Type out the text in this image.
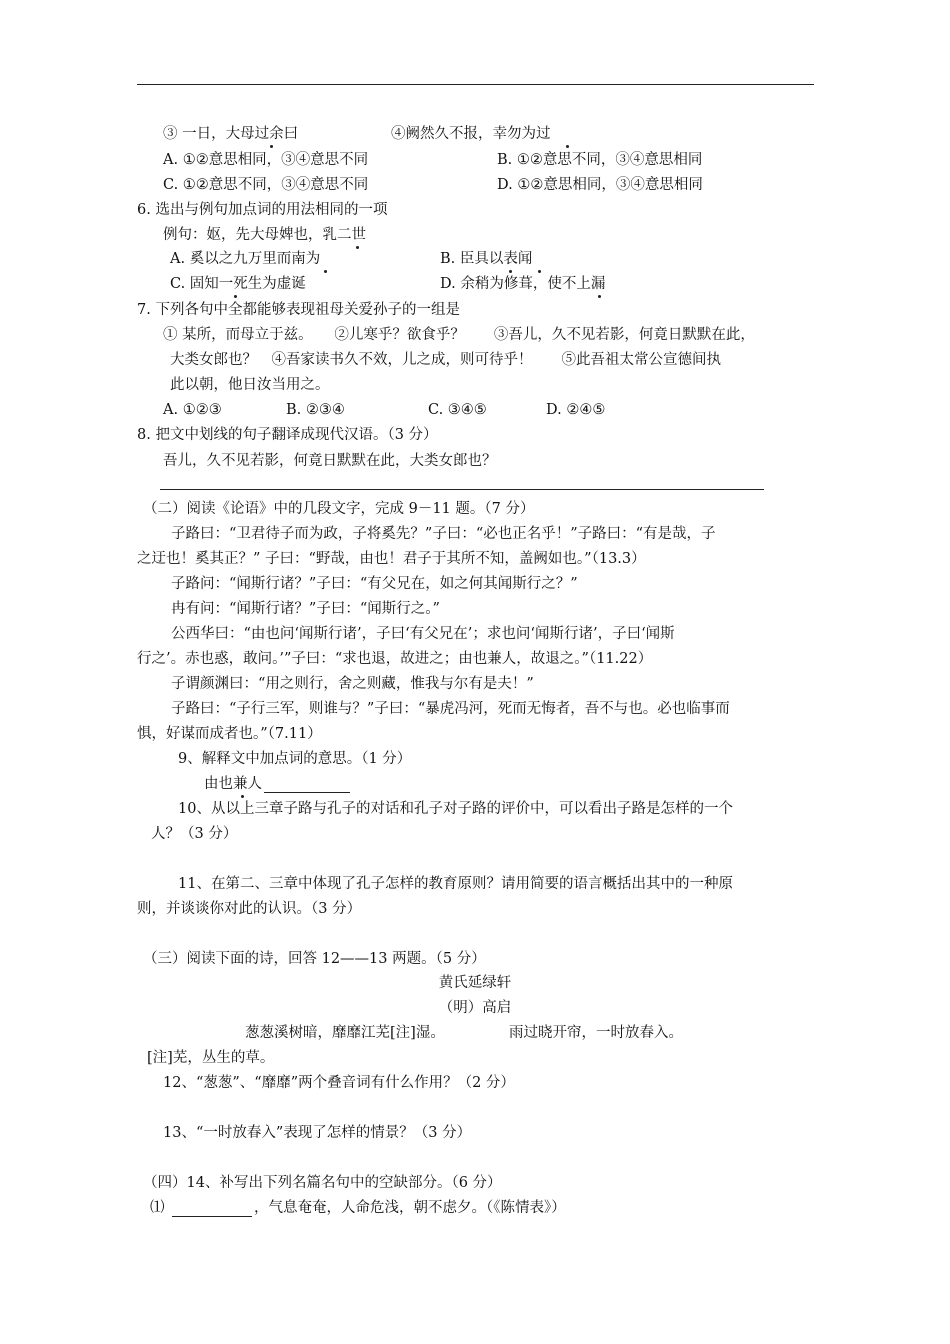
③ 一日，大母过余曰	④阙然久不报，幸勿为过
A. ①②意思相同，③④意思不同	B. ①②意思不同，③④意思相同
C. ①②意思不同，③④意思不同	D. ①②意思相同，③④意思相同
6. 选出与例句加点词的用法相同的一项
例句：妪，先大母婢也，乳二世
A. 奚以之九万里而南为	B. 臣具以表闻
C. 固知一死生为虚诞	D. 余稍为修葺，使不上漏
7. 下列各句中全都能够表现祖母关爱孙子的一组是
① 某所，而母立于兹。　　②儿寒乎？欲食乎？　　③吾儿，久不见若影，何竟日默默在此，
大类女郎也？　④吾家读书久不效，儿之成，则可待乎！　　⑤此吾祖太常公宣德间执
此以朝，他日汝当用之。
A. ①②③	B. ②③④	C. ③④⑤	D. ②④⑤
8. 把文中划线的句子翻译成现代汉语。（3 分）
吾儿，久不见若影，何竟日默默在此，大类女郎也？
（二）阅读《论语》中的几段文字，完成 9－11 题。（7 分）
子路曰：“卫君待子而为政，子将奚先？”子曰：“必也正名乎！”子路曰：“有是哉，子
之迂也！奚其正？” 子曰：“野哉，由也！君子于其所不知，盖阙如也。”（13.3）
子路问：“闻斯行诸？”子曰：“有父兄在，如之何其闻斯行之？”
冉有问：“闻斯行诸？”子曰：“闻斯行之。”
公西华曰：“由也问‘闻斯行诸’，子曰‘有父兄在’；求也问‘闻斯行诸’，子曰‘闻斯
行之’。赤也惑，敢问。’”子曰：“求也退，故进之；由也兼人，故退之。”（11.22）
子谓颜渊曰：“用之则行，舍之则藏，惟我与尔有是夫！”
子路曰：“子行三军，则谁与？”子曰：“暴虎冯河，死而无悔者，吾不与也。必也临事而
惧，好谋而成者也。”（7.11）
9、解释文中加点词的意思。（1 分）
由也兼人
10、从以上三章子路与孔子的对话和孔子对子路的评价中，可以看出子路是怎样的一个
人？（3 分）
11、在第二、三章中体现了孔子怎样的教育原则？请用简要的语言概括出其中的一种原
则，并谈谈你对此的认识。（3 分）
（三）阅读下面的诗，回答 12——13 两题。（5 分）
黄氏延绿轩
（明）高启
葱葱溪树暗，靡靡江芜[注]湿。	雨过晓开帘，一时放春入。
[注]芜，丛生的草。
12、“葱葱”、“靡靡”两个叠音词有什么作用？（2 分）
13、“一时放春入”表现了怎样的情景？（3 分）
（四）14、补写出下列名篇名句中的空缺部分。（6 分）
⑴	，气息奄奄，人命危浅，朝不虑夕。（《陈情表》）
